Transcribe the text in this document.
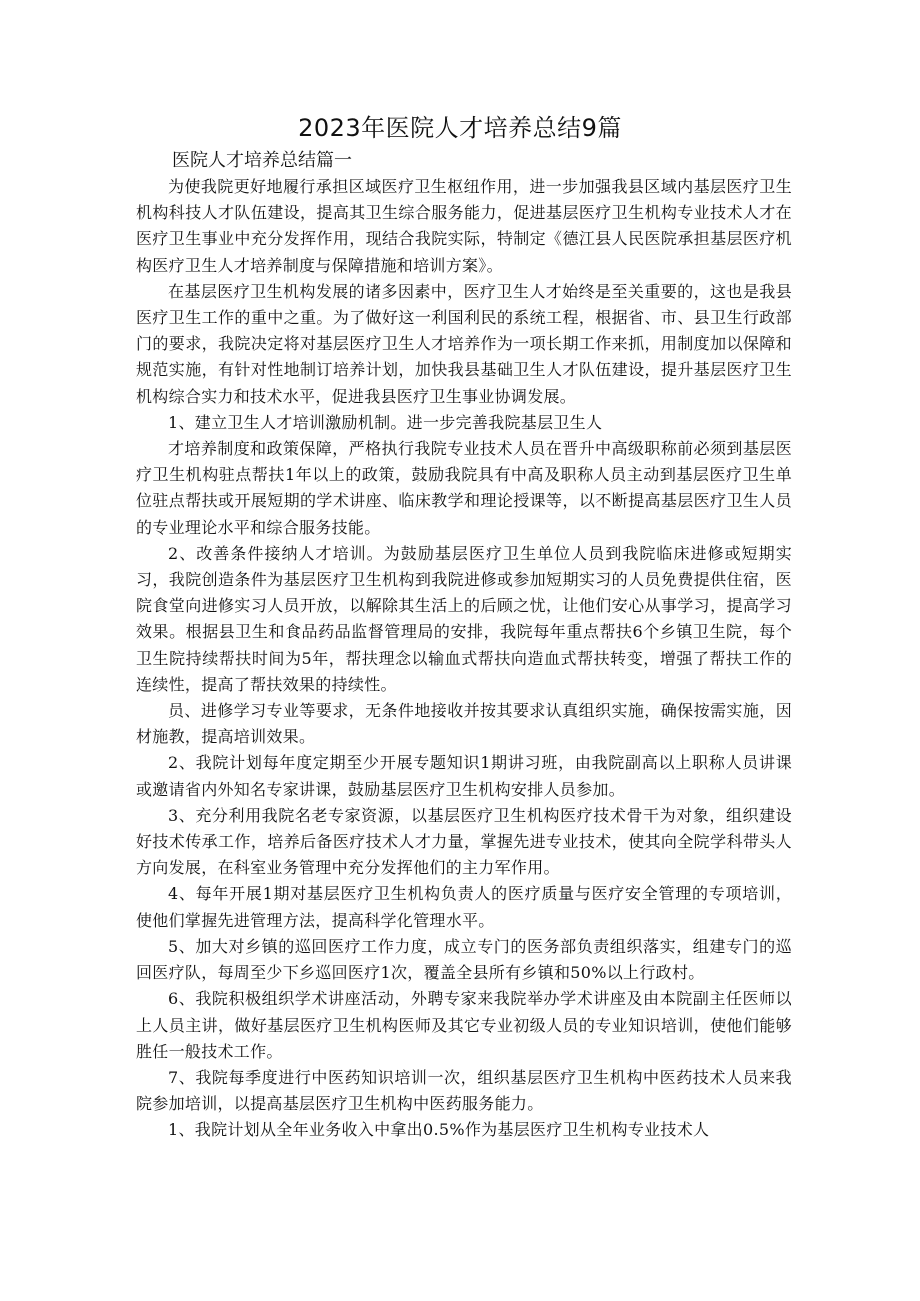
2023年医院人才培养总结9篇
医院人才培养总结篇一

为使我院更好地履行承担区域医疗卫生枢纽作用，进一步加强我县区域内基层医疗卫生机构科技人才队伍建设，提高其卫生综合服务能力，促进基层医疗卫生机构专业技术人才在医疗卫生事业中充分发挥作用，现结合我院实际，特制定《德江县人民医院承担基层医疗机构医疗卫生人才培养制度与保障措施和培训方案》。

在基层医疗卫生机构发展的诸多因素中，医疗卫生人才始终是至关重要的，这也是我县医疗卫生工作的重中之重。为了做好这一利国利民的系统工程，根据省、市、县卫生行政部门的要求，我院决定将对基层医疗卫生人才培养作为一项长期工作来抓，用制度加以保障和规范实施，有针对性地制订培养计划，加快我县基础卫生人才队伍建设，提升基层医疗卫生机构综合实力和技术水平，促进我县医疗卫生事业协调发展。

1、建立卫生人才培训激励机制。进一步完善我院基层卫生人

才培养制度和政策保障，严格执行我院专业技术人员在晋升中高级职称前必须到基层医疗卫生机构驻点帮扶1年以上的政策，鼓励我院具有中高及职称人员主动到基层医疗卫生单位驻点帮扶或开展短期的学术讲座、临床教学和理论授课等，以不断提高基层医疗卫生人员的专业理论水平和综合服务技能。

2、改善条件接纳人才培训。为鼓励基层医疗卫生单位人员到我院临床进修或短期实习，我院创造条件为基层医疗卫生机构到我院进修或参加短期实习的人员免费提供住宿，医院食堂向进修实习人员开放，以解除其生活上的后顾之忧，让他们安心从事学习，提高学习效果。根据县卫生和食品药品监督管理局的安排，我院每年重点帮扶6个乡镇卫生院，每个卫生院持续帮扶时间为5年，帮扶理念以输血式帮扶向造血式帮扶转变，增强了帮扶工作的连续性，提高了帮扶效果的持续性。

员、进修学习专业等要求，无条件地接收并按其要求认真组织实施，确保按需实施，因材施教，提高培训效果。

2、我院计划每年度定期至少开展专题知识1期讲习班，由我院副高以上职称人员讲课或邀请省内外知名专家讲课，鼓励基层医疗卫生机构安排人员参加。

3、充分利用我院名老专家资源，以基层医疗卫生机构医疗技术骨干为对象，组织建设好技术传承工作，培养后备医疗技术人才力量，掌握先进专业技术，使其向全院学科带头人方向发展，在科室业务管理中充分发挥他们的主力军作用。

4、每年开展1期对基层医疗卫生机构负责人的医疗质量与医疗安全管理的专项培训，使他们掌握先进管理方法，提高科学化管理水平。

5、加大对乡镇的巡回医疗工作力度，成立专门的医务部负责组织落实，组建专门的巡回医疗队，每周至少下乡巡回医疗1次，覆盖全县所有乡镇和50%以上行政村。

6、我院积极组织学术讲座活动，外聘专家来我院举办学术讲座及由本院副主任医师以上人员主讲，做好基层医疗卫生机构医师及其它专业初级人员的专业知识培训，使他们能够胜任一般技术工作。

7、我院每季度进行中医药知识培训一次，组织基层医疗卫生机构中医药技术人员来我院参加培训，以提高基层医疗卫生机构中医药服务能力。

1、我院计划从全年业务收入中拿出0.5%作为基层医疗卫生机构专业技术人
